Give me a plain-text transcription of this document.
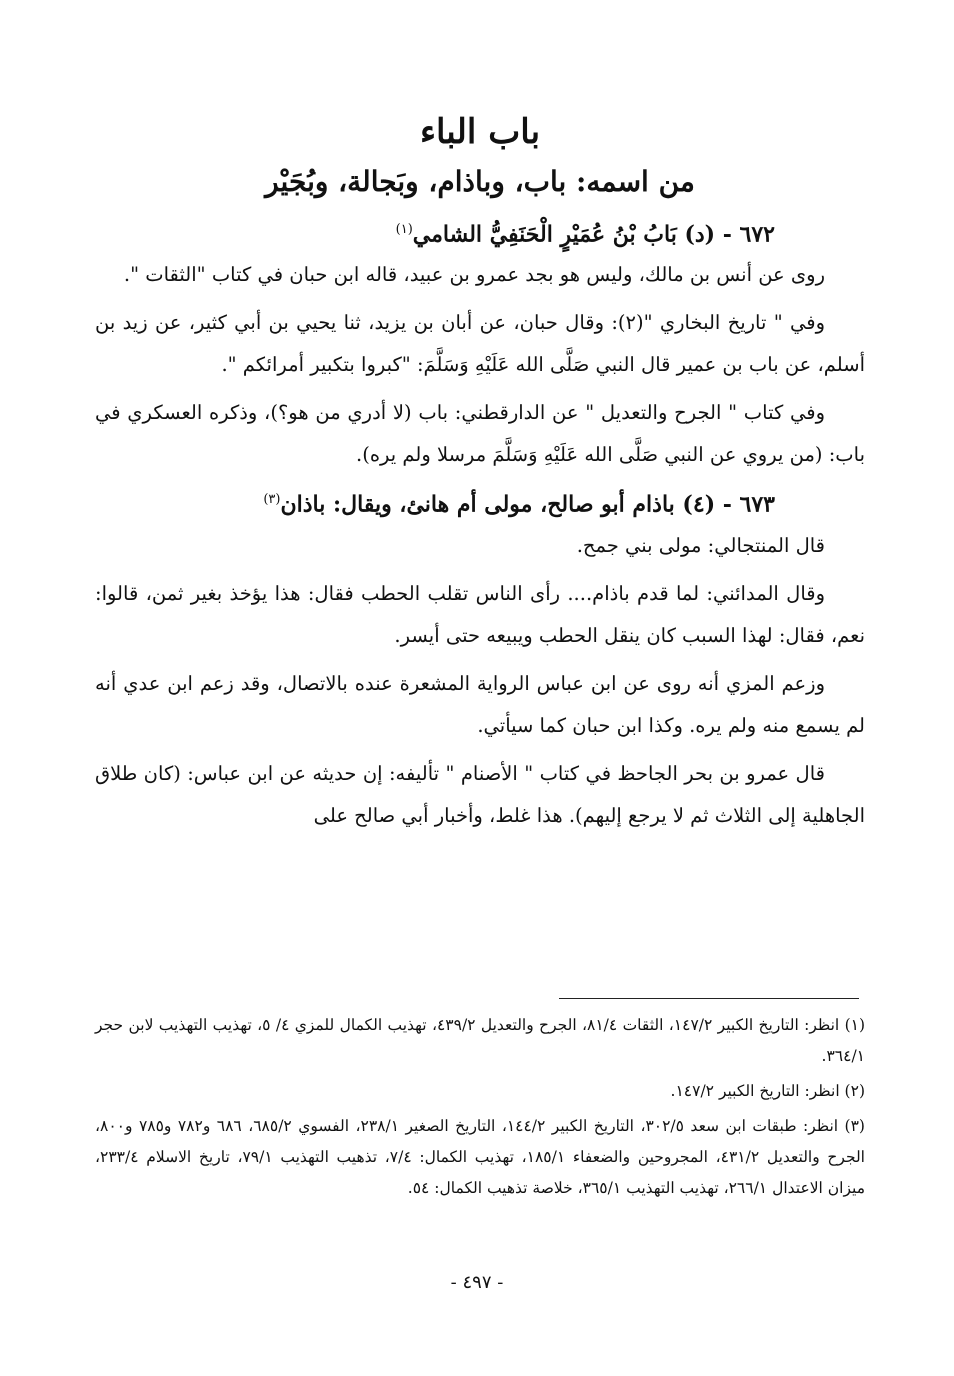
باب الباء
من اسمه: باب، وباذام، وبَجالة، وبُجَيْر
٦٧٢ - (د) بَابُ بْنُ عُمَيْرٍ الْحَنَفِيُّ الشامي$^{(١)}$

روى عن أنس بن مالك، وليس هو بجد عمرو بن عبيد، قاله ابن حبان في كتاب "الثقات ".

وفي " تاريخ البخاري "(٢): وقال حبان، عن أبان بن يزيد، ثنا يحيي بن أبي كثير، عن زيد بن أسلم، عن باب بن عمير قال النبي صَلَّى الله عَلَيْهِ وَسَلَّمَ: "كبروا بتكبير أمرائكم ".

وفي كتاب " الجرح والتعديل " عن الدارقطني: باب (لا أدري من هو؟)، وذكره العسكري في باب: (من يروي عن النبي صَلَّى الله عَلَيْهِ وَسَلَّمَ مرسلا ولم يره).

٦٧٣ - (٤) باذام أبو صالح، مولى أم هانئ، ويقال: باذان$^{(٣)}$

قال المنتجالي: مولى بني جمح.

وقال المدائني: لما قدم باذام.... رأى الناس تقلب الحطب فقال: هذا يؤخذ بغير ثمن، قالوا: نعم، فقال: لهذا السبب كان ينقل الحطب ويبيعه حتى أيسر.

وزعم المزي أنه روى عن ابن عباس الرواية المشعرة عنده بالاتصال، وقد زعم ابن عدي أنه لم يسمع منه ولم يره. وكذا ابن حبان كما سيأتي.

قال عمرو بن بحر الجاحظ في كتاب " الأصنام " تأليفه: إن حديثه عن ابن عباس: (كان طلاق الجاهلية إلى الثلاث ثم لا يرجع إليهم). هذا غلط، وأخبار أبي صالح على

(١) انظر: التاريخ الكبير ١٤٧/٢، الثقات ٨١/٤، الجرح والتعديل ٤٣٩/٢، تهذيب الكمال للمزي ٤/ ٥، تهذيب التهذيب لابن حجر ٣٦٤/١.

(٢) انظر: التاريخ الكبير ١٤٧/٢.

(٣) انظر: طبقات ابن سعد ٣٠٢/٥، التاريخ الكبير ١٤٤/٢، التاريخ الصغير ٢٣٨/١، الفسوي ٦٨٥/٢، ٦٨٦ و٧٨٢ و٧٨٥ و٨٠٠، الجرح والتعديل ٤٣١/٢، المجروحين والضعفاء ١٨٥/١، تهذيب الكمال: ٧/٤، تذهيب التهذيب ٧٩/١، تاريخ الاسلام ٢٣٣/٤، ميزان الاعتدال ٢٦٦/١، تهذيب التهذيب ٣٦٥/١، خلاصة تذهيب الكمال: ٥٤.

- ٤٩٧ -
